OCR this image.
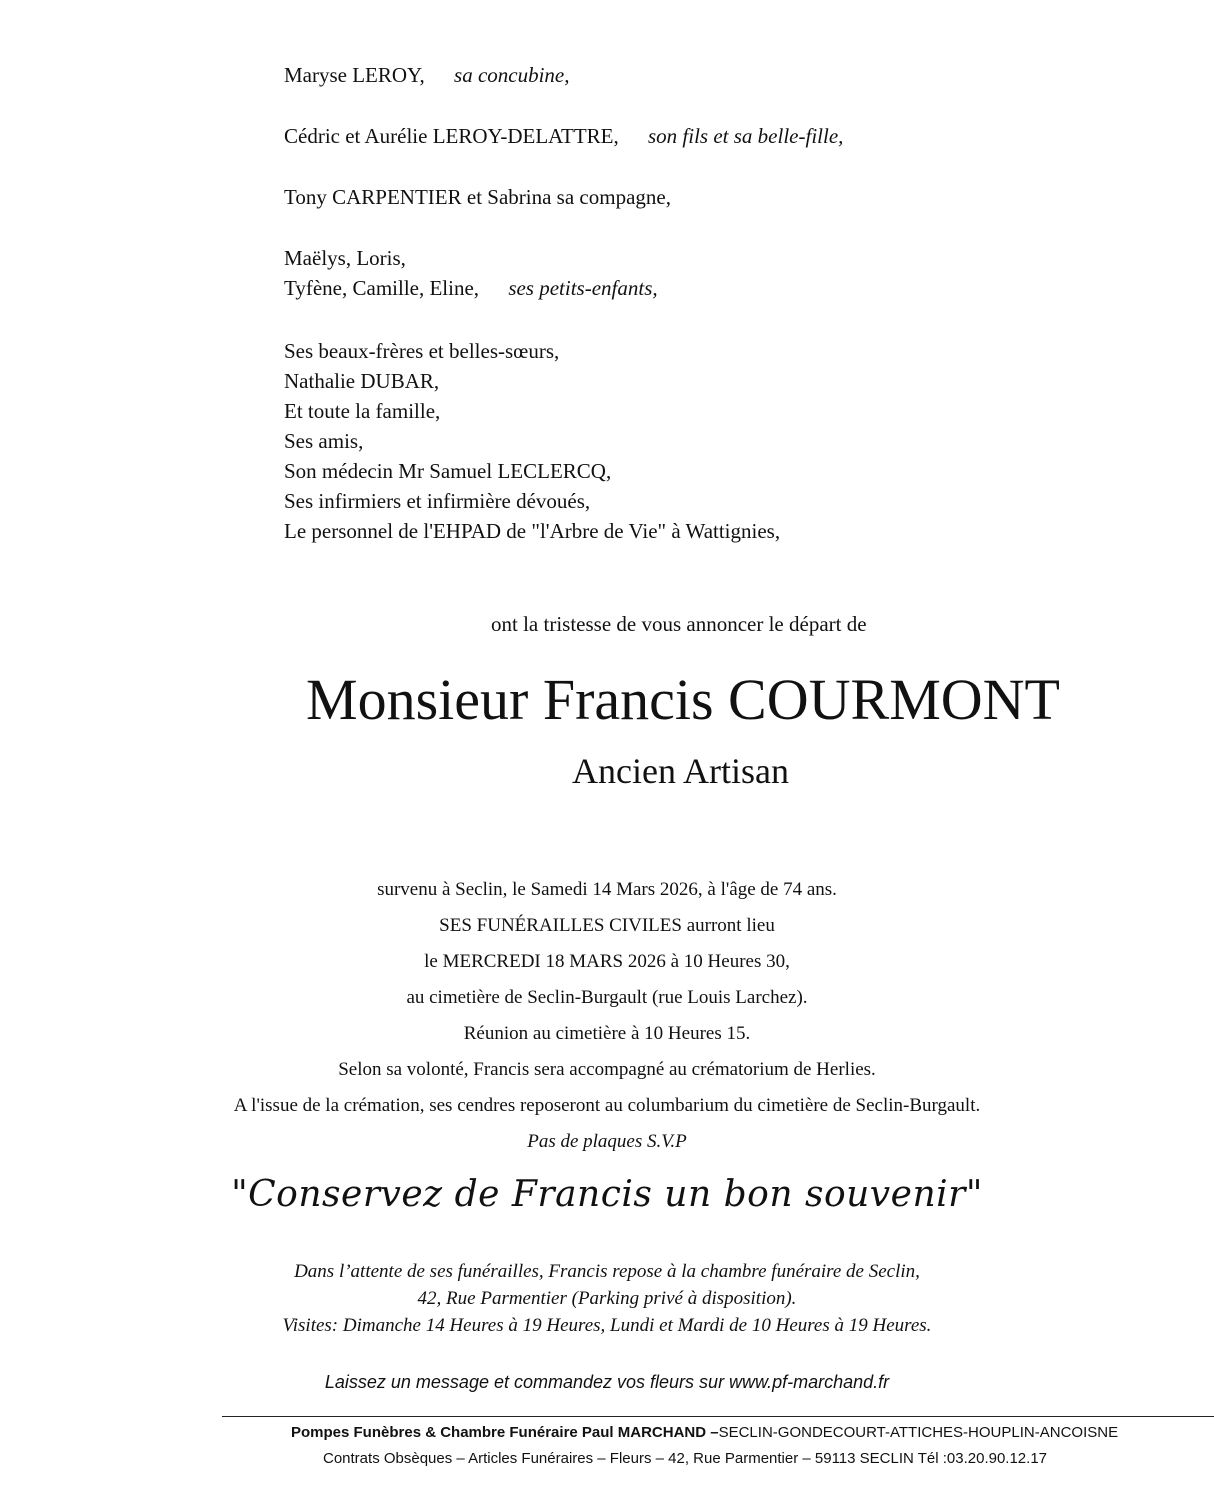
Maryse LEROY, sa concubine,
Cédric et Aurélie LEROY-DELATTRE, son fils et sa belle-fille,
Tony CARPENTIER et Sabrina sa compagne,
Maëlys, Loris,
Tyfène, Camille, Eline, ses petits-enfants,
Ses beaux-frères et belles-sœurs,
Nathalie DUBAR,
Et toute la famille,
Ses amis,
Son médecin Mr Samuel LECLERCQ,
Ses infirmiers et infirmière dévoués,
Le personnel de l'EHPAD de "l'Arbre de Vie" à Wattignies,
ont la tristesse de vous annoncer le départ de
Monsieur Francis COURMONT
Ancien Artisan
survenu à Seclin, le Samedi 14 Mars 2026, à l'âge de 74 ans.
SES FUNÉRAILLES CIVILES aurront lieu
le MERCREDI 18 MARS 2026 à 10 Heures 30,
au cimetière de Seclin-Burgault (rue Louis Larchez).
Réunion au cimetière à 10 Heures 15.
Selon sa volonté, Francis sera accompagné au crématorium de Herlies.
A l'issue de la crémation, ses cendres reposeront au columbarium du cimetière de Seclin-Burgault.
Pas de plaques S.V.P
"Conservez de Francis un bon souvenir"
Dans l’attente de ses funérailles, Francis repose à la chambre funéraire de Seclin,
42, Rue Parmentier (Parking privé à disposition).
Visites: Dimanche 14 Heures à 19 Heures, Lundi et Mardi de 10 Heures à 19 Heures.
Laissez un message et commandez vos fleurs sur www.pf-marchand.fr
Pompes Funèbres & Chambre Funéraire Paul MARCHAND –SECLIN-GONDECOURT-ATTICHES-HOUPLIN-ANCOISNE
Contrats Obsèques – Articles Funéraires – Fleurs – 42, Rue Parmentier – 59113 SECLIN Tél :03.20.90.12.17
